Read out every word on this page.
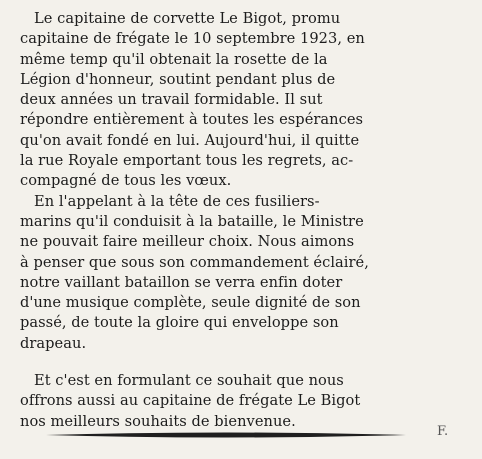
Le capitaine de corvette Le Bigot, promu
capitaine de frégate le 10 septembre 1923, en
même temp qu'il obtenait la rosette de la
Légion d'honneur, soutint pendant plus de
deux années un travail formidable. Il sut
répondre entièrement à toutes les espérances
qu'on avait fondé en lui. Aujourd'hui, il quitte
la rue Royale emportant tous les regrets, ac-
compagné de tous les vœux.
En l'appelant à la tête de ces fusiliers-
marins qu'il conduisit à la bataille, le Ministre
ne pouvait faire meilleur choix. Nous aimons
à penser que sous son commandement éclairé,
notre vaillant bataillon se verra enfin doter
d'une musique complète, seule dignité de son
passé, de toute la gloire qui enveloppe son
drapeau.
Et c'est en formulant ce souhait que nous
offrons aussi au capitaine de frégate Le Bigot
nos meilleurs souhaits de bienvenue.
F.
